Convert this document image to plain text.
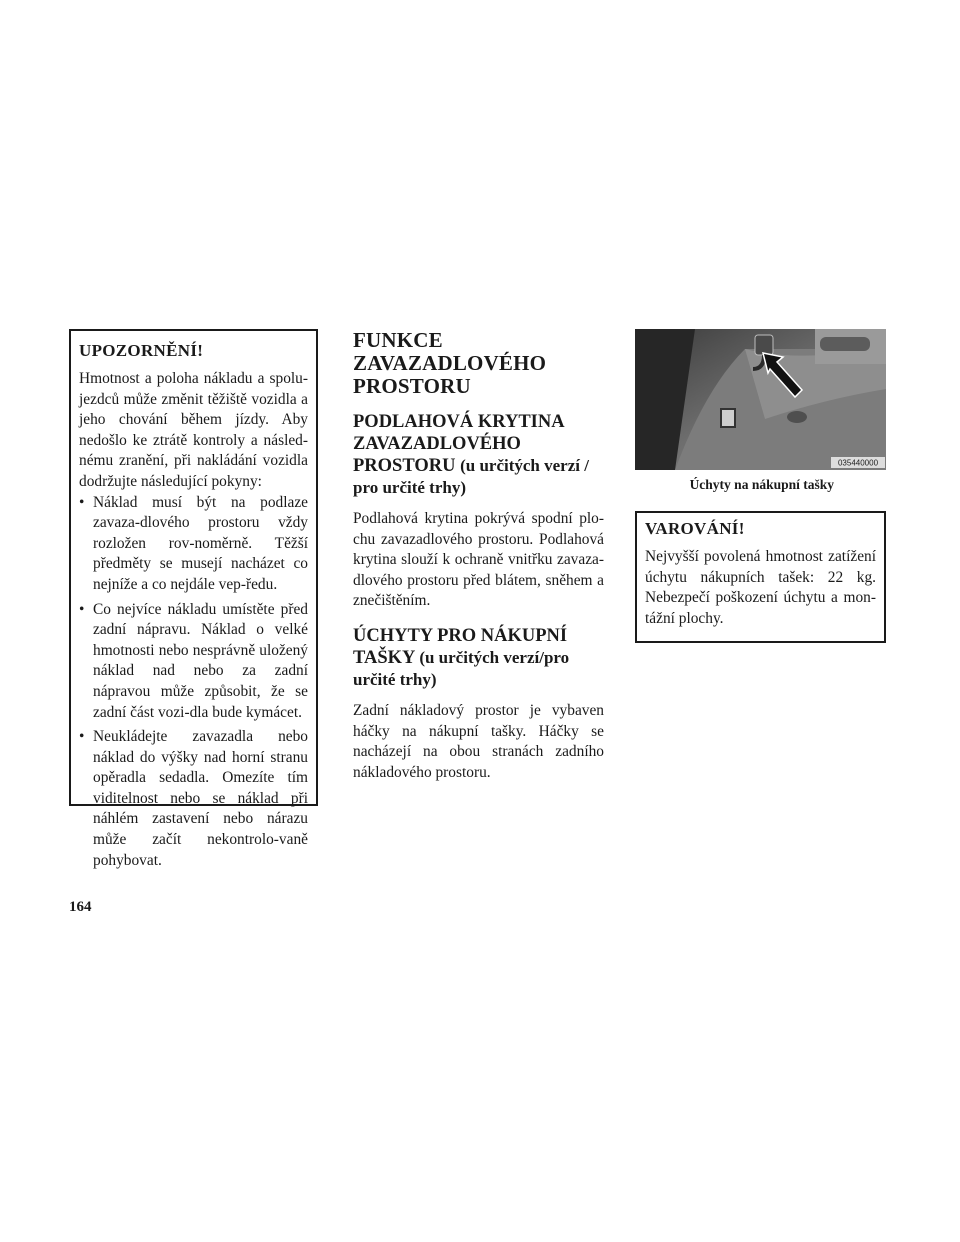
UPOZORNĚNÍ!

Hmotnost a poloha nákladu a spolu-jezdců může změnit těžiště vozidla a jeho chování během jízdy. Aby nedošlo ke ztrátě kontroly a násled-nému zranění, při nakládání vozidla dodržujte následující pokyny:

• Náklad musí být na podlaze zavaza-dlového prostoru vždy rozložen rov-noměrně. Těžší předměty se musejí nacházet co nejníže a co nejdále vep-ředu.
• Co nejvíce nákladu umístěte před zadní nápravu. Náklad o velké hmotnosti nebo nesprávně uložený náklad nad nebo za zadní nápravou může způsobit, že se zadní část vozi-dla bude kymácet.
• Neukládejte zavazadla nebo náklad do výšky nad horní stranu opěradla sedadla. Omezíte tím viditelnost nebo se náklad při náhlém zastavení nebo nárazu může začít nekontrolo-vaně pohybovat.
FUNKCE ZAVAZADLOVÉHO PROSTORU
PODLAHOVÁ KRYTINA ZAVAZADLOVÉHO PROSTORU (u určitých verzí / pro určité trhy)

Podlahová krytina pokrývá spodní plo-chu zavazadlového prostoru. Podlahová krytina slouží k ochraně vnitřku zavaza-dlového prostoru před blátem, sněhem a znečištěním.

ÚCHYTY PRO NÁKUPNÍ TAŠKY (u určitých verzí/pro určité trhy)

Zadní nákladový prostor je vybaven háčky na nákupní tašky. Háčky se nacházejí na obou stranách zadního nákladového prostoru.

035440000
Úchyty na nákupní tašky
VAROVÁNÍ!

Nejvyšší povolená hmotnost zatížení úchytu nákupních tašek: 22 kg. Nebezpečí poškození úchytu a mon-tážní plochy.

164
